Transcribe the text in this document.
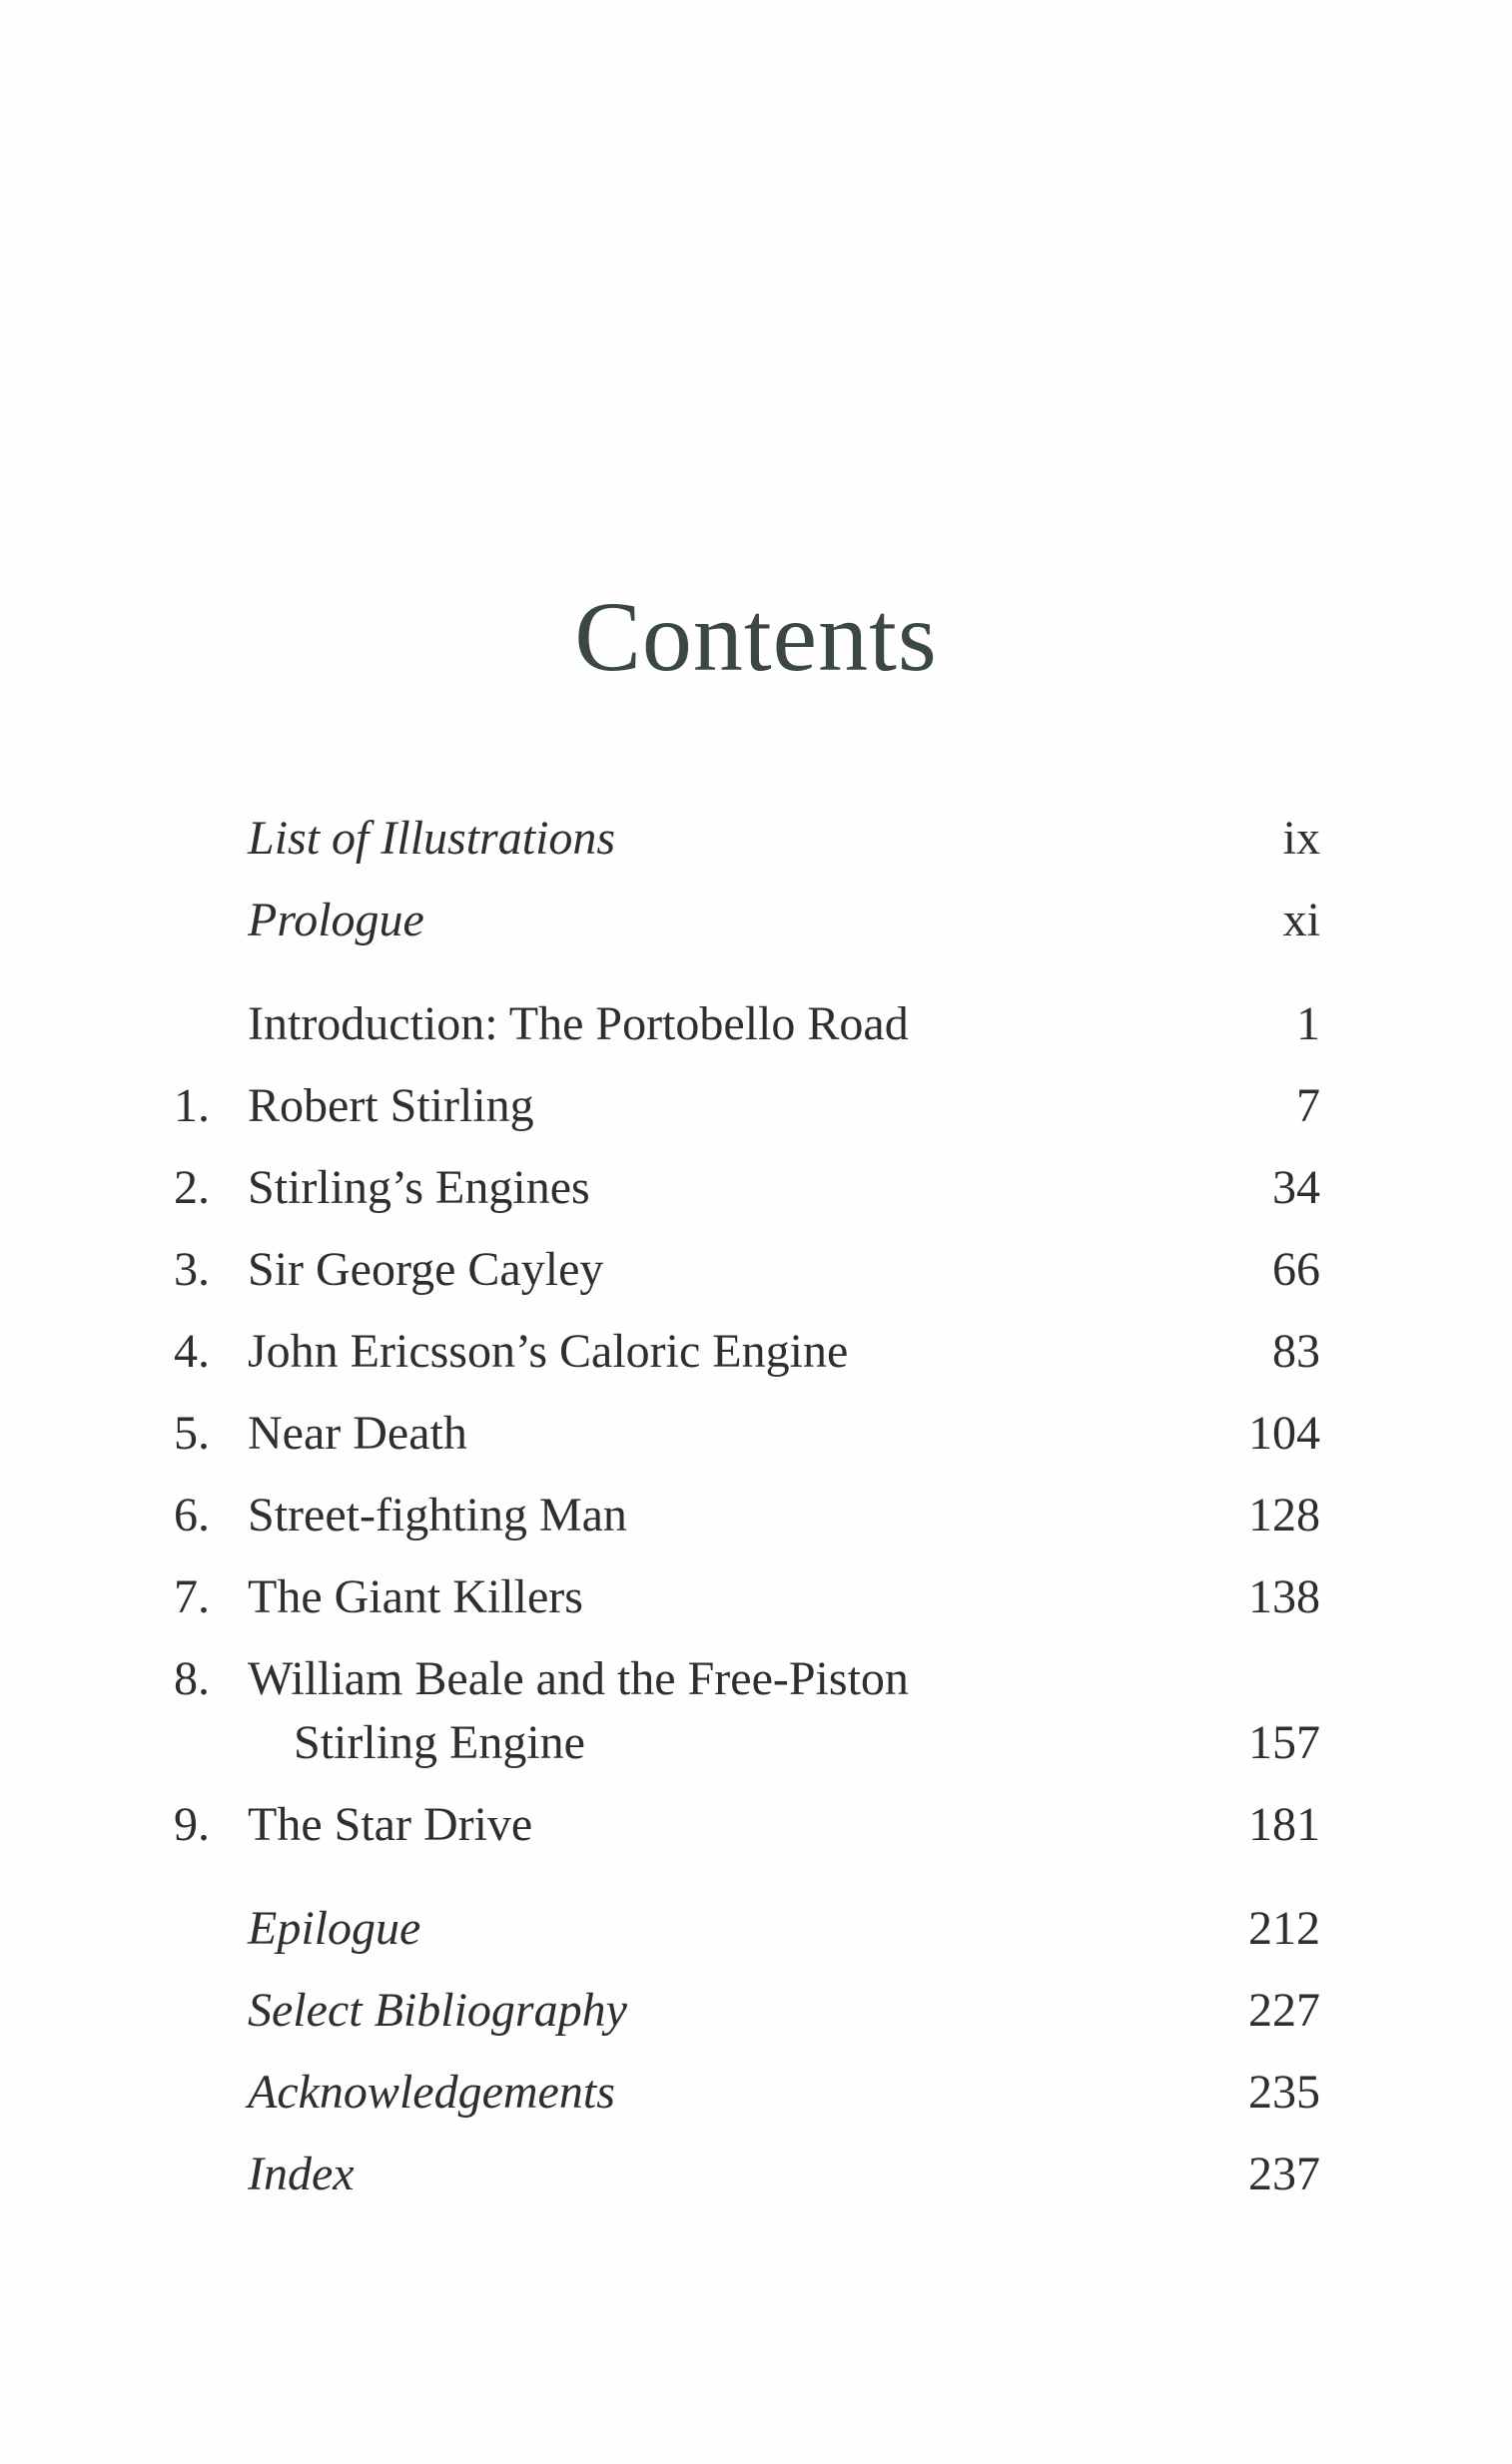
Contents
List of Illustrations	ix
Prologue	xi
Introduction: The Portobello Road	1
1. Robert Stirling	7
2. Stirling’s Engines	34
3. Sir George Cayley	66
4. John Ericsson’s Caloric Engine	83
5. Near Death	104
6. Street-fighting Man	128
7. The Giant Killers	138
8. William Beale and the Free-Piston
Stirling Engine	157
9. The Star Drive	181
Epilogue	212
Select Bibliography	227
Acknowledgements	235
Index	237
